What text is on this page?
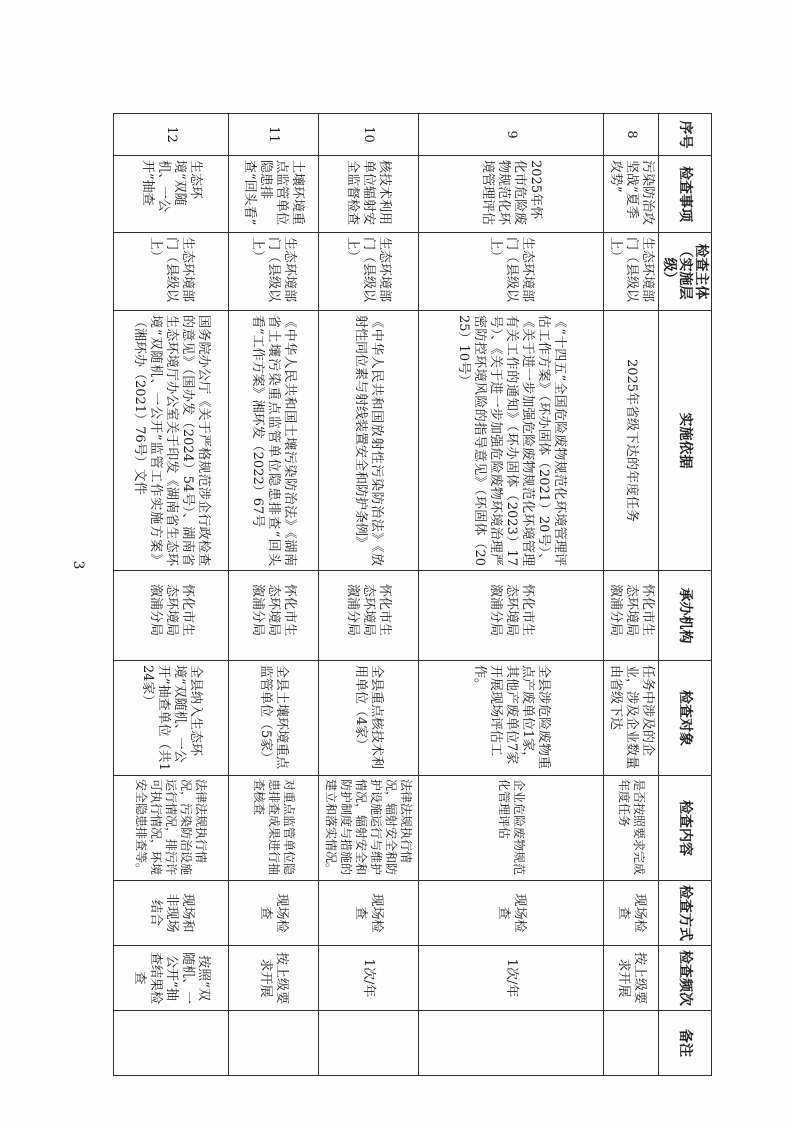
序号	检查事项	检查主体（实施层级）	实施依据	承办机构	检查对象	检查内容	检查方式	检查频次	备注
8	污染防治攻坚战“夏季攻势”	生态环境部门（县级以上）	2025年省级下达的年度任务	怀化市生态环境局溆浦分局	任务中涉及的企业，涉及企业数量由省级下达	是否按照要求完成年度任务	现场检查	按上级要求开展	
9	2025年怀化市危险废物规范化环境管理评估	生态环境部门（县级以上）	《“十四五”全国危险废物规范化环境管理评估工作方案》（环办固体（2021）20号）、《关于进一步加强危险废物规范化环境管理有关工作的通知》（环办固体（2023）17号）、《关于进一步加强危险废物环境治理严密防控环境风险的指导意见》（环固体（2025）10号）	怀化市生态环境局溆浦分局	全县涉危险废物重点产废单位1家，其他产废单位7家开展现场评估工作。	企业危险废物规范化管理评估	现场检查	1次/年	
10	核技术利用单位辐射安全监督检查	生态环境部门（县级以上）	《中华人民共和国放射性污染防治法》《放射性同位素与射线装置安全和防护条例》	怀化市生态环境局溆浦分局	全县重点核技术利用单位（4家）	法律法规执行情况，辐射安全和防护设施运行与维护情况，辐射安全和防护制度与措施的建立和落实情况。	现场检查	1次/年	
11	土壤环境重点监管单位隐患排查“回头看”	生态环境部门（县级以上）	《中华人民共和国土壤污染防治法》《湖南省土壤污染重点监管单位隐患排查“回头看”工作方案》湘环发（2022）67号	怀化市生态环境局溆浦分局	全县土壤环境重点监管单位（5家）	对重点监管单位隐患排查成果进行抽查核查	现场检查	按上级要求开展	
12	生态环境“双随机、一公开”抽查	生态环境部门（县级以上）	国务院办公厅《关于严格规范涉企行政检查的意见》（国办发（2024）54号）、湖南省生态环境厅办公室关于印发《湖南省生态环境“双随机、一公开”监管工作实施方案》（湘环办（2021）76号）文件	怀化市生态环境局溆浦分局	全县纳入生态环境“双随机、一公开”抽查单位（共124家）	法律法规执行情况，污染防治设施运行情况，排污许可执行情况，环境安全隐患排查等。	现场和非现场结合	按照“双随机、一公开”抽查结果检查	
3
